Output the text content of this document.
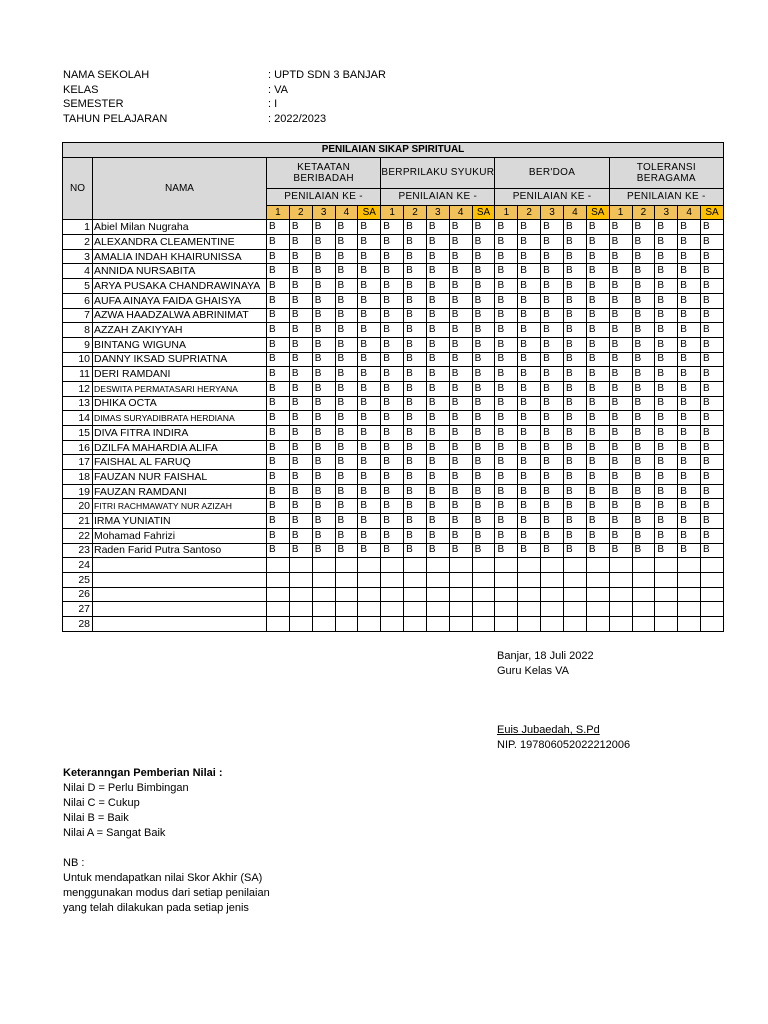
NAMA SEKOLAH	: UPTD SDN 3 BANJAR
KELAS	: VA
SEMESTER	: I
TAHUN PELAJARAN	: 2022/2023
PENILAIAN SIKAP SPIRITUAL																					
NO	NAMA	KETAATAN BERIBADAH					BERPRILAKU SYUKUR					BER'DOA					TOLERANSI BERAGAMA				
		PENILAIAN KE -					PENILAIAN KE -					PENILAIAN KE -					PENILAIAN KE -				
		1	2	3	4	SA	1	2	3	4	SA	1	2	3	4	SA	1	2	3	4	SA
1	Abiel Milan Nugraha	B	B	B	B	B	B	B	B	B	B	B	B	B	B	B	B	B	B	B	B
2	ALEXANDRA CLEAMENTINE	B	B	B	B	B	B	B	B	B	B	B	B	B	B	B	B	B	B	B	B
3	AMALIA INDAH KHAIRUNISSA	B	B	B	B	B	B	B	B	B	B	B	B	B	B	B	B	B	B	B	B
4	ANNIDA NURSABITA	B	B	B	B	B	B	B	B	B	B	B	B	B	B	B	B	B	B	B	B
5	ARYA PUSAKA CHANDRAWINAYA	B	B	B	B	B	B	B	B	B	B	B	B	B	B	B	B	B	B	B	B
6	AUFA AINAYA FAIDA GHAISYA	B	B	B	B	B	B	B	B	B	B	B	B	B	B	B	B	B	B	B	B
7	AZWA HAADZALWA ABRINIMAT	B	B	B	B	B	B	B	B	B	B	B	B	B	B	B	B	B	B	B	B
8	AZZAH ZAKIYYAH	B	B	B	B	B	B	B	B	B	B	B	B	B	B	B	B	B	B	B	B
9	BINTANG WIGUNA	B	B	B	B	B	B	B	B	B	B	B	B	B	B	B	B	B	B	B	B
10	DANNY IKSAD SUPRIATNA	B	B	B	B	B	B	B	B	B	B	B	B	B	B	B	B	B	B	B	B
11	DERI RAMDANI	B	B	B	B	B	B	B	B	B	B	B	B	B	B	B	B	B	B	B	B
12	DESWITA PERMATASARI HERYANA	B	B	B	B	B	B	B	B	B	B	B	B	B	B	B	B	B	B	B	B
13	DHIKA OCTA	B	B	B	B	B	B	B	B	B	B	B	B	B	B	B	B	B	B	B	B
14	DIMAS SURYADIBRATA HERDIANA	B	B	B	B	B	B	B	B	B	B	B	B	B	B	B	B	B	B	B	B
15	DIVA FITRA INDIRA	B	B	B	B	B	B	B	B	B	B	B	B	B	B	B	B	B	B	B	B
16	DZILFA MAHARDIA ALIFA	B	B	B	B	B	B	B	B	B	B	B	B	B	B	B	B	B	B	B	B
17	FAISHAL AL FARUQ	B	B	B	B	B	B	B	B	B	B	B	B	B	B	B	B	B	B	B	B
18	FAUZAN NUR FAISHAL	B	B	B	B	B	B	B	B	B	B	B	B	B	B	B	B	B	B	B	B
19	FAUZAN RAMDANI	B	B	B	B	B	B	B	B	B	B	B	B	B	B	B	B	B	B	B	B
20	FITRI RACHMAWATY NUR AZIZAH	B	B	B	B	B	B	B	B	B	B	B	B	B	B	B	B	B	B	B	B
21	IRMA YUNIATIN	B	B	B	B	B	B	B	B	B	B	B	B	B	B	B	B	B	B	B	B
22	Mohamad Fahrizi	B	B	B	B	B	B	B	B	B	B	B	B	B	B	B	B	B	B	B	B
23	Raden Farid Putra Santoso	B	B	B	B	B	B	B	B	B	B	B	B	B	B	B	B	B	B	B	B
24																					
25																					
26																					
27																					
28																					
Banjar, 18 Juli 2022
Guru Kelas VA
Euis Jubaedah, S.Pd
NIP. 197806052022212006
Keteranngan Pemberian Nilai :
Nilai D = Perlu Bimbingan
Nilai C = Cukup
Nilai B = Baik
Nilai A = Sangat Baik
NB :
Untuk mendapatkan nilai Skor Akhir (SA)
menggunakan modus dari setiap penilaian
yang telah dilakukan pada setiap jenis
